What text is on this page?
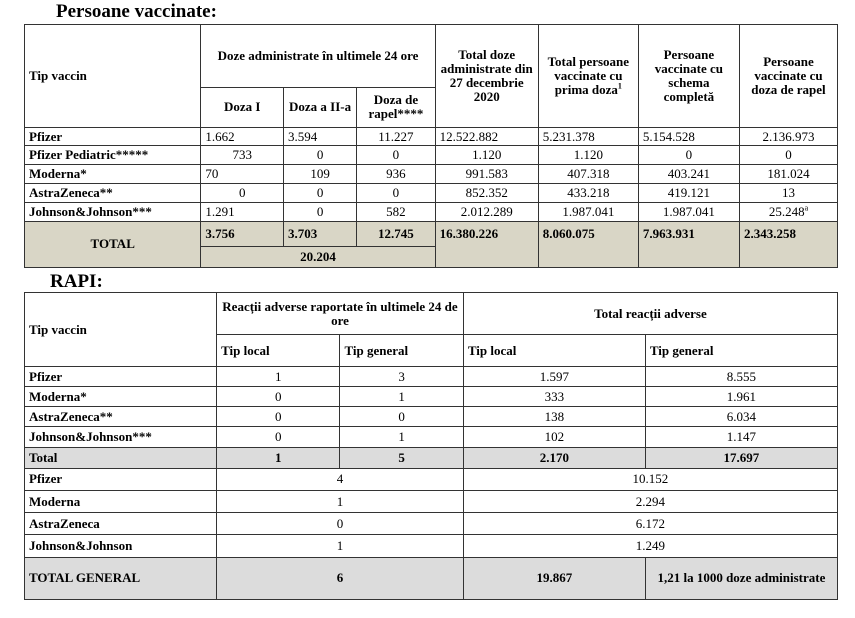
Persoane vaccinate:
Tip vaccin	Doze administrate în ultimele 24 ore			Total doze administrate din 27 decembrie 2020	Total persoane vaccinate cu prima doza$^1$	Persoane vaccinate cu schema completă	Persoane vaccinate cu doza de rapel
	Doza I	Doza a II-a	Doza de rapel****				
Pfizer	1.662	3.594	11.227	12.522.882	5.231.378	5.154.528	2.136.973
Pfizer Pediatric*****	733	0	0	1.120	1.120	0	0
Moderna*	70	109	936	991.583	407.318	403.241	181.024
AstraZeneca**	0	0	0	852.352	433.218	419.121	13
Johnson&Johnson***	1.291	0	582	2.012.289	1.987.041	1.987.041	25.248$^a$
TOTAL	3.756	3.703	12.745	16.380.226	8.060.075	7.963.931	2.343.258
	20.204						
RAPI:
Tip vaccin	Reacții adverse raportate în ultimele 24 de ore		Total reacții adverse	
	Tip local	Tip general	Tip local	Tip general
Pfizer	1	3	1.597	8.555
Moderna*	0	1	333	1.961
AstraZeneca**	0	0	138	6.034
Johnson&Johnson***	0	1	102	1.147
Total	1	5	2.170	17.697
Pfizer	4		10.152	
Moderna	1		2.294	
AstraZeneca	0		6.172	
Johnson&Johnson	1		1.249	
TOTAL GENERAL	6		19.867	1,21 la 1000 doze administrate
